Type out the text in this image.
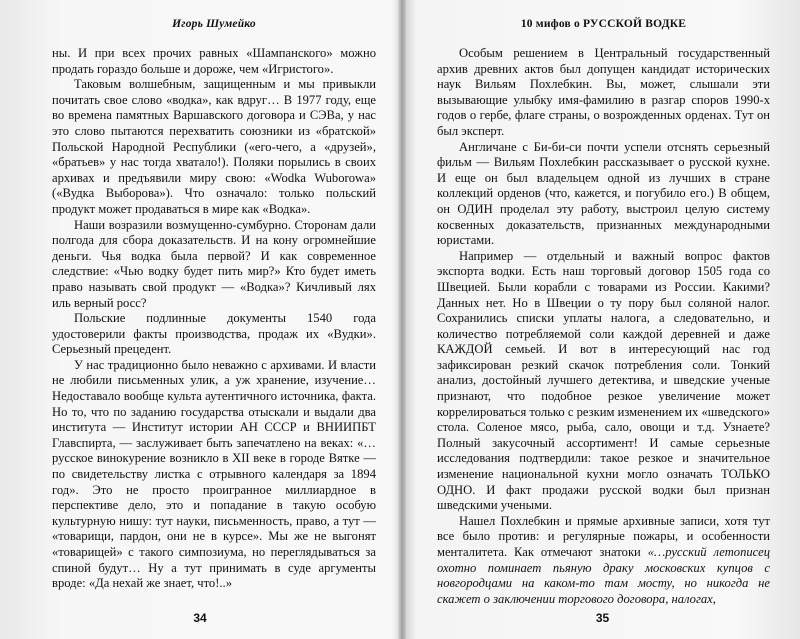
Игорь Шумейко

ны. И при всех прочих равных «Шампанского» можно продать гораздо больше и дороже, чем «Игристого».

Таковым волшебным, защищенным и мы привыкли почитать свое слово «водка», как вдруг… В 1977 году, еще во времена памятных Варшавского договора и СЭВа, у нас это слово пытаются перехватить союзники из «братской» Польской Народной Республики («его-чего, а «друзей», «братьев» у нас тогда хватало!). Поляки порылись в своих архивах и предъявили миру свою: «Wodka Wuborowa» («Вудка Выборова»). Что означало: только польский продукт может продаваться в мире как «Водка».

Наши возразили возмущенно-сумбурно. Сторонам дали полгода для сбора доказательств. И на кону огромнейшие деньги. Чья водка была первой? И как современное следствие: «Чью водку будет пить мир?» Кто будет иметь право называть свой продукт — «Водка»? Кичливый лях иль верный росс?

Польские подлинные документы 1540 года удостоверили факты производства, продаж их «Вудки». Серьезный прецедент.

У нас традиционно было неважно с архивами. И власти не любили письменных улик, а уж хранение, изучение… Недоставало вообще культа аутентичного источника, факта. Но то, что по заданию государства отыскали и выдали два института — Институт истории АН СССР и ВНИИПБТ Главспирта, — заслуживает быть запечатлено на веках: «…русское винокурение возникло в XII веке в городе Вятке — по свидетельству листка с отрывного календаря за 1894 год». Это не просто проигранное миллиардное в перспективе дело, это и попадание в такую особую культурную нишу: тут науки, письменность, право, а тут — «товарищи, пардон, они не в курсе». Мы же не выгонят «товарищей» с такого симпозиума, но переглядываться за спиной будут… Ну а тут принимать в суде аргументы вроде: «Да нехай же знает, что!..»

34
10 мифов о РУССКОЙ ВОДКЕ

Особым решением в Центральный государственный архив древних актов был допущен кандидат исторических наук Вильям Похлебкин. Вы, может, слышали эти вызывающие улыбку имя-фамилию в разгар споров 1990-х годов о гербе, флаге страны, о возрожденных орденах. Тут он был эксперт.

Англичане с Би-би-си почти успели отснять серьезный фильм — Вильям Похлебкин рассказывает о русской кухне. И еще он был владельцем одной из лучших в стране коллекций орденов (что, кажется, и погубило его.) В общем, он ОДИН проделал эту работу, выстроил целую систему косвенных доказательств, признанных международными юристами.

Например — отдельный и важный вопрос фактов экспорта водки. Есть наш торговый договор 1505 года со Швецией. Были корабли с товарами из России. Какими? Данных нет. Но в Швеции о ту пору был соляной налог. Сохранились списки уплаты налога, а следовательно, и количество потребляемой соли каждой деревней и даже КАЖДОЙ семьей. И вот в интересующий нас год зафиксирован резкий скачок потребления соли. Тонкий анализ, достойный лучшего детектива, и шведские ученые признают, что подобное резкое увеличение может коррелироваться только с резким изменением их «шведского» стола. Соленое мясо, рыба, сало, овощи и т.д. Узнаете? Полный закусочный ассортимент! И самые серьезные исследования подтвердили: такое резкое и значительное изменение национальной кухни могло означать ТОЛЬКО ОДНО. И факт продажи русской водки был признан шведскими учеными.

Нашел Похлебкин и прямые архивные записи, хотя тут все было против: и регулярные пожары, и особенности менталитета. Как отмечают знатоки «…русский летописец охотно поминает пьяную драку московских купцов с новгородцами на каком-то там мосту, но никогда не скажет о заключении торгового договора, налогах,

35
